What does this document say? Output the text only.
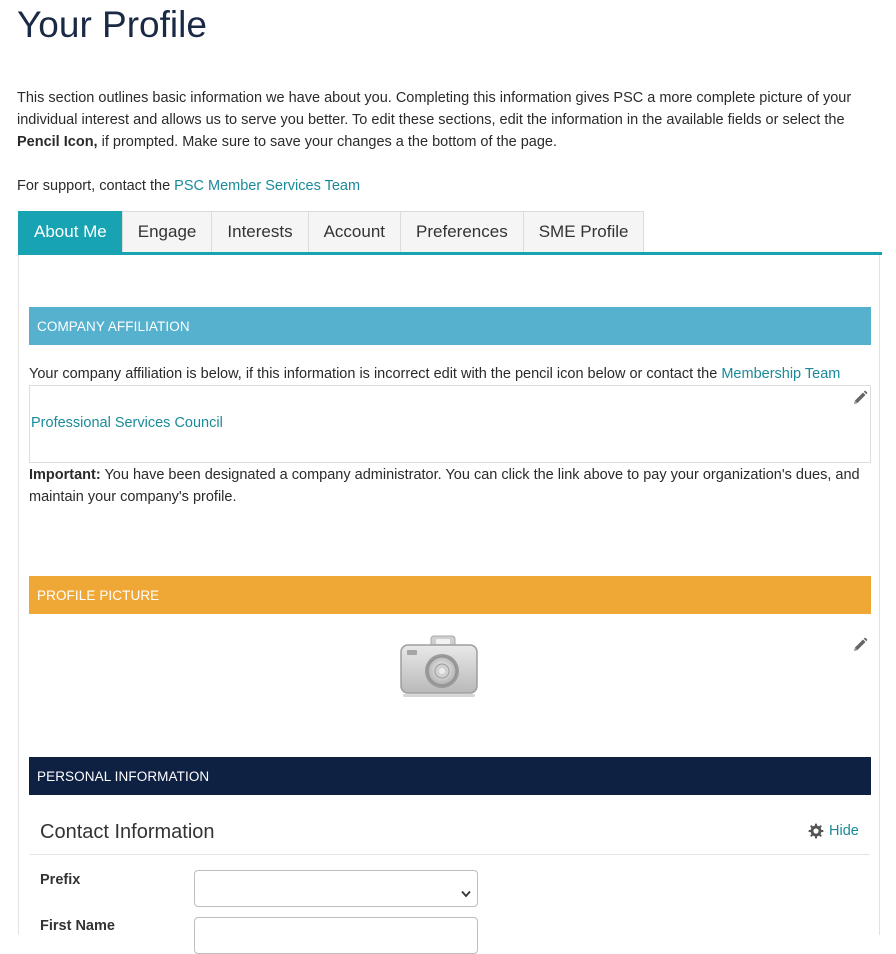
Your Profile

This section outlines basic information we have about you. Completing this information gives PSC a more complete picture of your individual interest and allows us to serve you better. To edit these sections, edit the information in the available fields or select the Pencil Icon, if prompted. Make sure to save your changes a the bottom of the page.

For support, contact the PSC Member Services Team

About Me	Engage	Interests	Account	Preferences	SME Profile
COMPANY AFFILIATION
Your company affiliation is below, if this information is incorrect edit with the pencil icon below or contact the Membership Team
Professional Services Council

Important: You have been designated a company administrator. You can click the link above to pay your organization's dues, and maintain your company's profile.

PROFILE PICTURE
PERSONAL INFORMATION
Contact Information	Hide
Prefix
First Name
